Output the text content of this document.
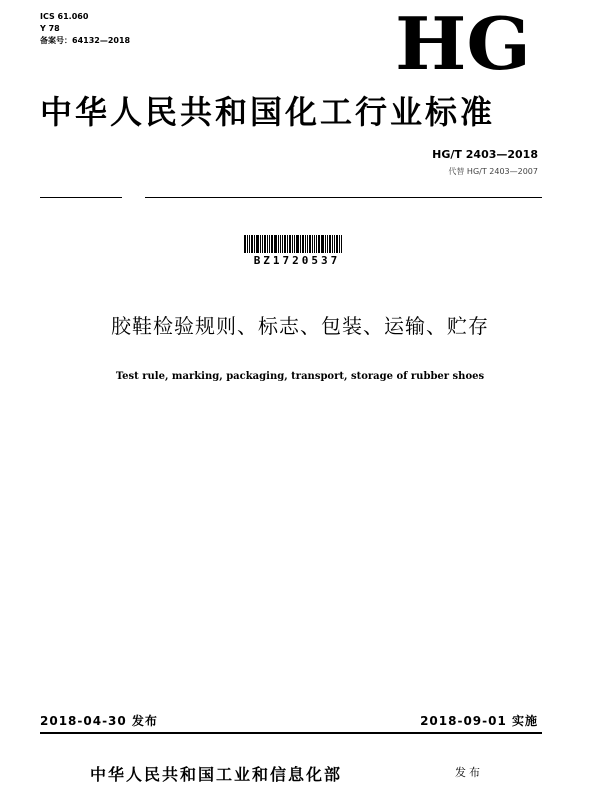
ICS 61.060
Y 78
备案号：64132—2018	HG
中华人民共和国化工行业标准
HG/T 2403—2018
代替 HG/T 2403—2007
BZ1720537
胶鞋检验规则、标志、包装、运输、贮存
Test rule, marking, packaging, transport, storage of rubber shoes
2018-04-30 发布	2018-09-01 实施
中华人民共和国工业和信息化部	发布
